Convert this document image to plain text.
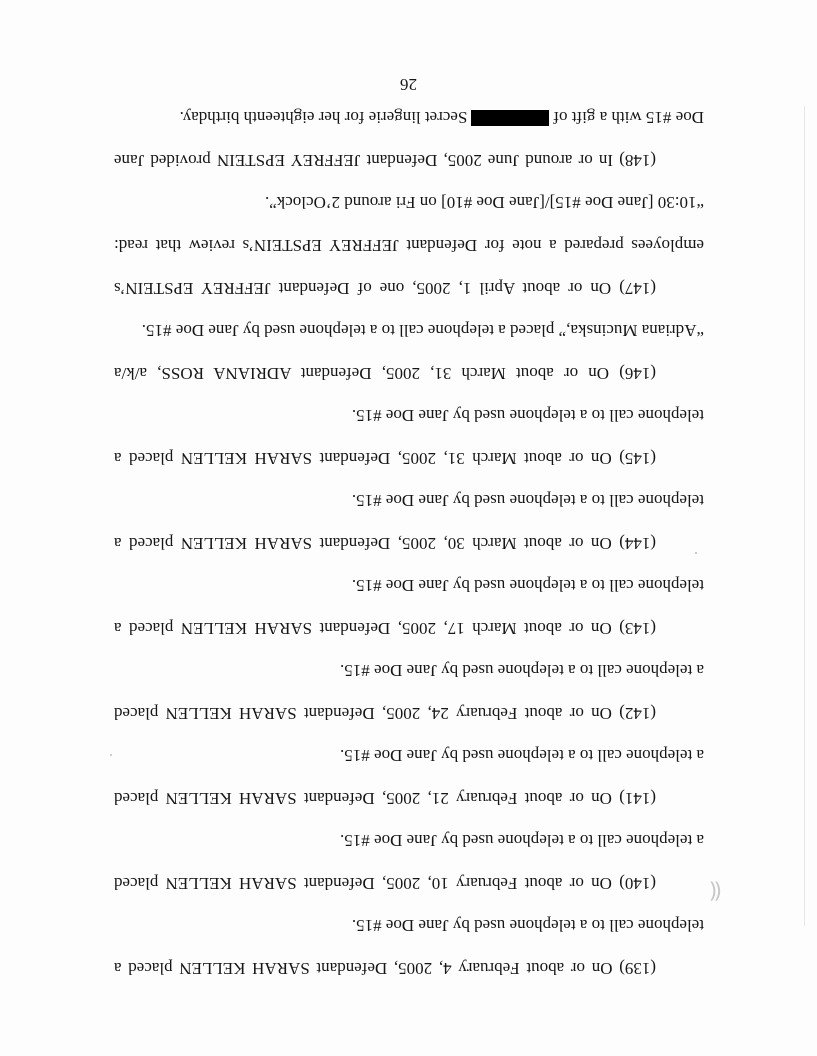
(139) On or about February 4, 2005, Defendant SARAH KELLEN placed a
telephone call to a telephone used by Jane Doe #15.
⸨
(140) On or about February 10, 2005, Defendant SARAH KELLEN placed
a telephone call to a telephone used by Jane Doe #15.
(141) On or about February 21, 2005, Defendant SARAH KELLEN placed
a telephone call to a telephone used by Jane Doe #15.
(142) On or about February 24, 2005, Defendant SARAH KELLEN placed
a telephone call to a telephone used by Jane Doe #15.
(143) On or about March 17, 2005, Defendant SARAH KELLEN placed a
telephone call to a telephone used by Jane Doe #15.
(144) On or about March 30, 2005, Defendant SARAH KELLEN placed a
telephone call to a telephone used by Jane Doe #15.
(145) On or about March 31, 2005, Defendant SARAH KELLEN placed a
telephone call to a telephone used by Jane Doe #15.
(146) On or about March 31, 2005, Defendant ADRIANA ROSS, a/k/a
“Adriana Mucinska,” placed a telephone call to a telephone used by Jane Doe #15.
(147) On or about April 1, 2005, one of Defendant JEFFREY EPSTEIN’s
employees prepared a note for Defendant JEFFREY EPSTEIN’s review that read:
“10:30 [Jane Doe #15]/[Jane Doe #10] on Fri around 2’Oclock”.
(148) In or around June 2005, Defendant JEFFREY EPSTEIN provided Jane
Doe #15 with a gift ofSecret lingerie for her eighteenth birthday.
26
